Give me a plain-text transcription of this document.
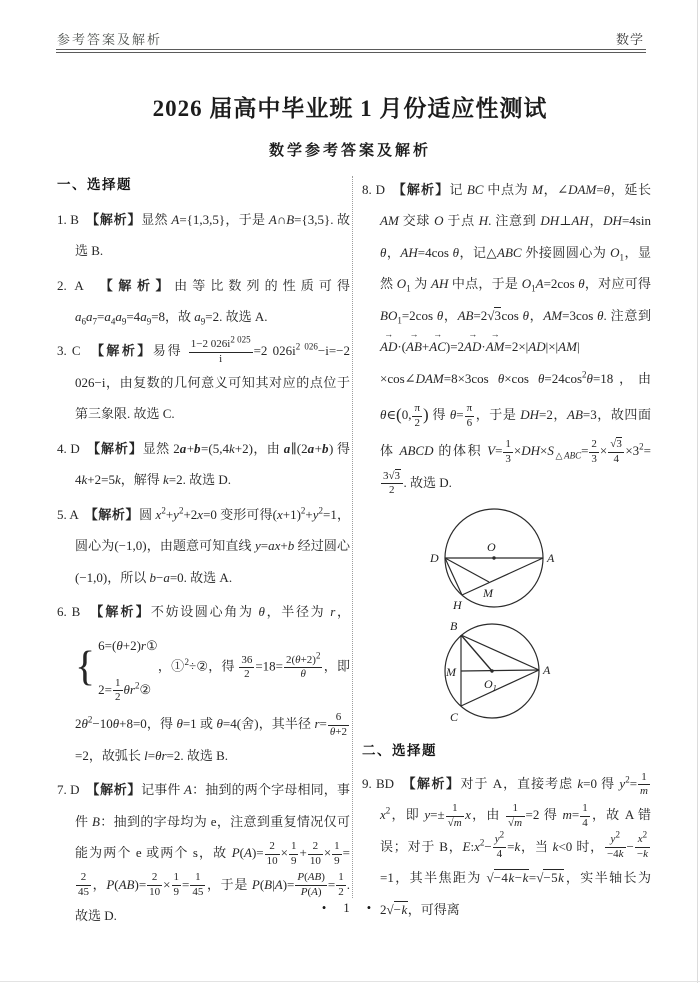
参考答案及解析	数学
2026 届高中毕业班 1 月份适应性测试
数学参考答案及解析
一、选择题

1. B　【解析】显然 A={1,3,5}，于是 A∩B={3,5}. 故选 B.

2. A　【解析】由等比数列的性质可得 $a_6a_7=a_4a_9=4a_9=8$，故 $a_9=2$. 故选 A.

3. C　【解析】易得 $\frac{1-2 026i^{2 025}}{i} =2$ $026i^{2 026}-i=-2$ 026−i，由复数的几何意义可知其对应的点位于第三象限. 故选 C.

4. D　【解析】显然 2a+b=(5,4k+2)，由 a∥(2a+b) 得 4k+2=5k，解得 k=2. 故选 D.

5. A　【解析】圆 $x^2+y^2+2x=0$ 变形可得$(x+1)^2+y^2=1$，圆心为(−1,0)，由题意可知直线 y=ax+b 经过圆心(−1,0)，所以 b−a=0. 故选 A.

6. B　【解析】不妨设圆心角为 θ，半径为 r，
{ 6=(θ+2)r①
$2= \frac{1}{2}$ $\theta r^2②$
，①$^2$÷②，得 $\frac{36}{2} =18= \frac{2(\theta+2)^2}{\theta}$ ，即 $2\theta^2-10\theta+8=0$，得 θ=1 或 θ=4(舍)，其半径 $r= \frac{6}{\theta+2}$
=2，故弧长 l=θr=2. 故选 B.

7. D　【解析】记事件 A：抽到的两个字母相同，事件 B：抽到的字母均为 e，注意到重复情况仅可能为两个 e 或两个 s，故 $P(A)= \frac{2}{10} \times \frac{1}{9} + \frac{2}{10} \times \frac{1}{9}$ =
$\frac{2}{45}$ ，$P(AB)= \frac{2}{10} \times \frac{1}{9} = \frac{1}{45}$ ，于是 $P(B|A)= \frac{P(AB)}{P(A)} = \frac{1}{2}$ . 故选 D.

8. D　【解析】记 BC 中点为 M，∠DAM=θ，延长 AM 交球 O 于点 H. 注意到 DH⊥AH，DH=4sin θ，AH=4cos θ，记△ABC 外接圆圆心为 $O_1$，显然 $O_1$ 为 AH 中点，于是 $O_1A=2\cos$ θ，对应可得 $BO_1=2\cos$ θ，AB=2 √ 3cos θ，AM=3cos θ. 注意到AD →·(AB →+AC →)=2AD →·AM →=2×|AD|×|AM|×cos∠DAM=8×3cos θ×cos $\theta=24\cos^2\theta=18$，由 θ∈(0, $\frac{\pi}{2}$ ) 得 $\theta= \frac{\pi}{6}$ ，于是 DH=2，AB=3，故四面体 ABCD 的体积 $V= \frac{1}{3} \times DH\times S_{\triangle ABC}= \frac{2}{3}$ × √ $\frac{3}{4} \times 3^2=$
$\frac{3 √ 3}{2}$ . 故选 D.

D
O
A
M
H
B
M
$O_1$
A
C
二、选择题

9. BD　【解析】对于 A，直接考虑 k=0 得 $y^2= \frac{1}{m}$
$x^2$，即 y=± 1
√ m x，由 1
√ m =2 得 $m= \frac{1}{4}$ ，故 A 错误；对于 B，$E:x^2- \frac{y^2}{4} =k$，当 k<0 时， $\frac{y^2}{-4k} - \frac{x^2}{-k}$
=1，其半焦距为 √ −4k−k= √ −5k，实半轴长为 2 √ −k，可得离

• 1 •
